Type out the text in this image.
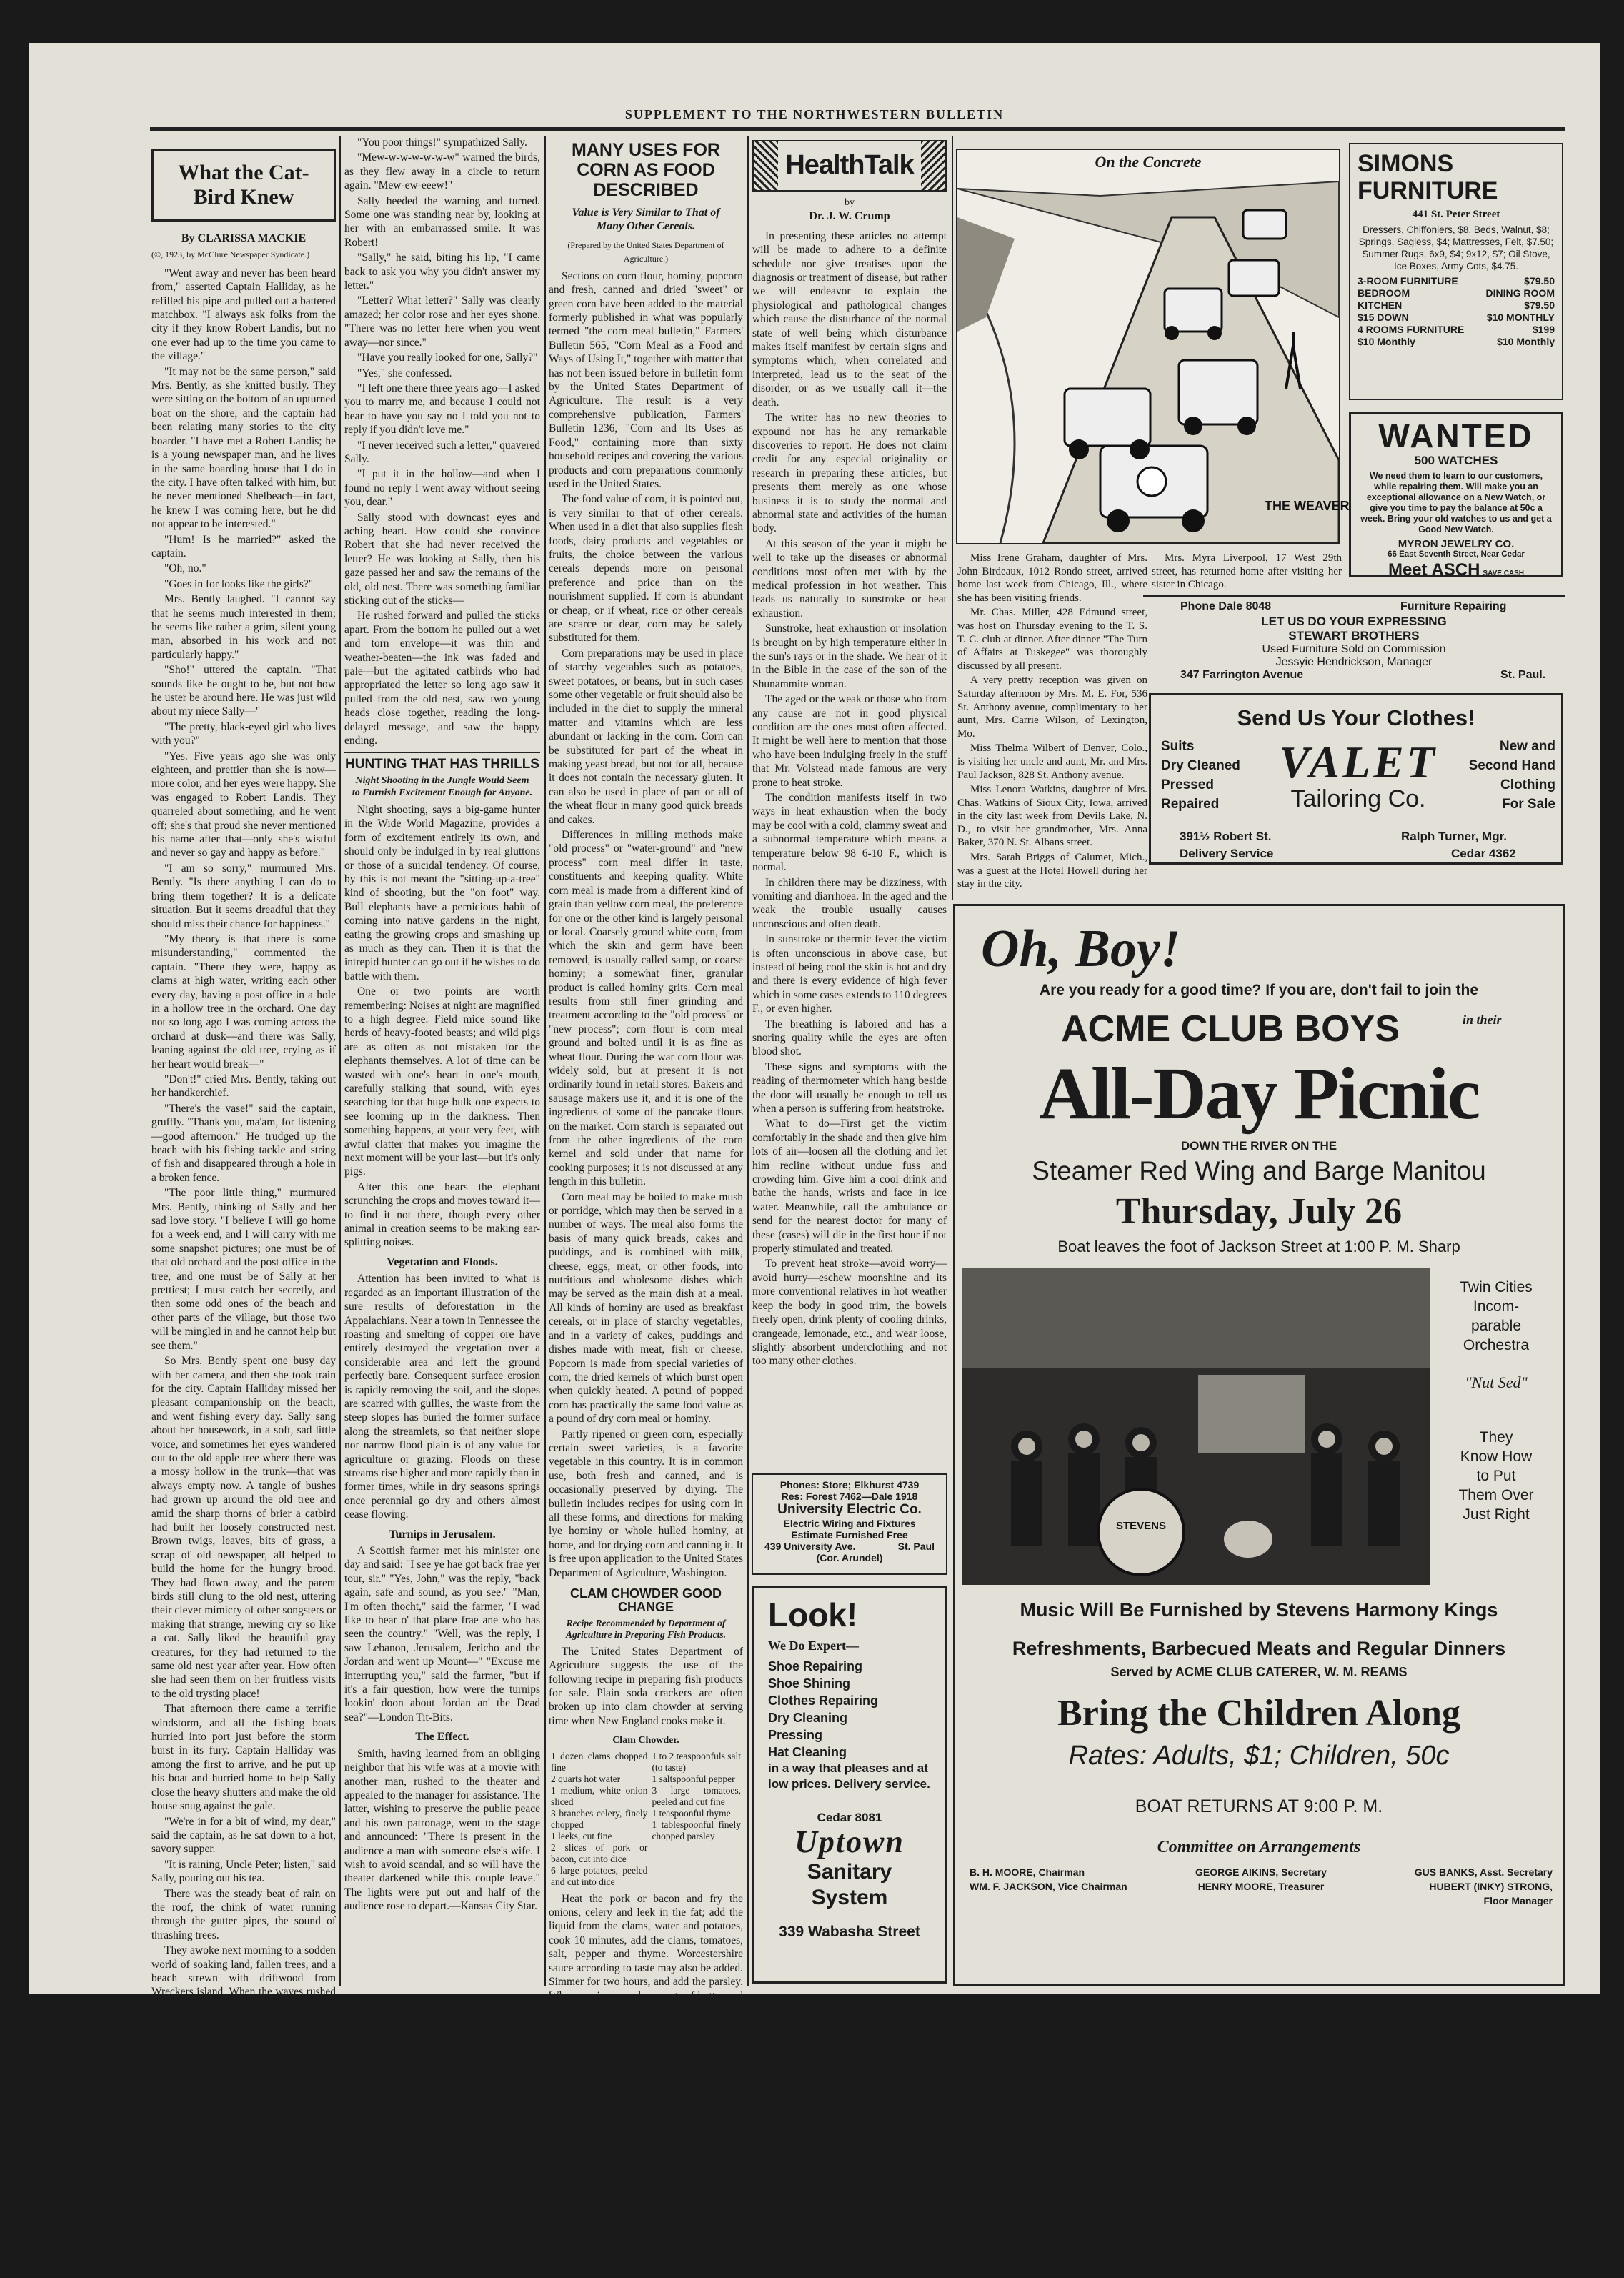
SUPPLEMENT TO THE NORTHWESTERN BULLETIN
What the Cat-Bird Knew
By CLARISSA MACKIE
(©, 1923, by McClure Newspaper Syndicate.)

"Went away and never has been heard from," asserted Captain Halliday, as he refilled his pipe and pulled out a battered matchbox. "I always ask folks from the city if they know Robert Landis, but no one ever had up to the time you came to the village."

"It may not be the same person," said Mrs. Bently, as she knitted busily. They were sitting on the bottom of an upturned boat on the shore, and the captain had been relating many stories to the city boarder. "I have met a Robert Landis; he is a young newspaper man, and he lives in the same boarding house that I do in the city. I have often talked with him, but he never mentioned Shelbeach—in fact, he knew I was coming here, but he did not appear to be interested."

"Hum! Is he married?" asked the captain.

"Oh, no."

"Goes in for looks like the girls?"

Mrs. Bently laughed. "I cannot say that he seems much interested in them; he seems like rather a grim, silent young man, absorbed in his work and not particularly happy."

"Sho!" uttered the captain. "That sounds like he ought to be, but not how he uster be around here. He was just wild about my niece Sally—"

"The pretty, black-eyed girl who lives with you?"

"Yes. Five years ago she was only eighteen, and prettier than she is now—more color, and her eyes were happy. She was engaged to Robert Landis. They quarreled about something, and he went off; she's that proud she never mentioned his name after that—only she's wistful and never so gay and happy as before."

"I am so sorry," murmured Mrs. Bently. "Is there anything I can do to bring them together? It is a delicate situation. But it seems dreadful that they should miss their chance for happiness."

"My theory is that there is some misunderstanding," commented the captain. "There they were, happy as clams at high water, writing each other every day, having a post office in a hole in a hollow tree in the orchard. One day not so long ago I was coming across the orchard at dusk—and there was Sally, leaning against the old tree, crying as if her heart would break—"

"Don't!" cried Mrs. Bently, taking out her handkerchief.

"There's the vase!" said the captain, gruffly. "Thank you, ma'am, for listening—good afternoon." He trudged up the beach with his fishing tackle and string of fish and disappeared through a hole in a broken fence.

"The poor little thing," murmured Mrs. Bently, thinking of Sally and her sad love story. "I believe I will go home for a week-end, and I will carry with me some snapshot pictures; one must be of that old orchard and the post office in the tree, and one must be of Sally at her prettiest; I must catch her secretly, and then some odd ones of the beach and other parts of the village, but those two will be mingled in and he cannot help but see them."

So Mrs. Bently spent one busy day with her camera, and then she took train for the city. Captain Halliday missed her pleasant companionship on the beach, and went fishing every day. Sally sang about her housework, in a soft, sad little voice, and sometimes her eyes wandered out to the old apple tree where there was a mossy hollow in the trunk—that was always empty now. A tangle of bushes had grown up around the old tree and amid the sharp thorns of brier a catbird had built her loosely constructed nest. Brown twigs, leaves, bits of grass, a scrap of old newspaper, all helped to build the home for the hungry brood. They had flown away, and the parent birds still clung to the old nest, uttering their clever mimicry of other songsters or making that strange, mewing cry so like a cat. Sally liked the beautiful gray creatures, for they had returned to the same old nest year after year. How often she had seen them on her fruitless visits to the old trysting place!

That afternoon there came a terrific windstorm, and all the fishing boats hurried into port just before the storm burst in its fury. Captain Halliday was among the first to arrive, and he put up his boat and hurried home to help Sally close the heavy shutters and make the old house snug against the gale.

"We're in for a bit of wind, my dear," said the captain, as he sat down to a hot, savory supper.

"It is raining, Uncle Peter; listen," said Sally, pouring out his tea.

There was the steady beat of rain on the roof, the chink of water running through the gutter pipes, the sound of thrashing trees.

They awoke next morning to a sodden world of soaking land, fallen trees, and a beach strewn with driftwood from Wreckers island. When the waves rushed over Wreckers island one knew it was the worst storm of the season, for then the waves brought in a great quantity of broken ships' timber, of which there was always a plenty on the island.

Captain Halliday went down to the beach to gather some of the driftwood for the winter fires, and Sally wandered through her ruined flower garden and then out to the orchard. There were cries of distress from the catbirds, who were perched in the old apple tree. Sally found their frail nest blown to the ground, and just brought up the thorn bushes was the bottom of the nest—of many nests—for each year the birds had reinforced the old home with new twigs, bits of string and paper. Now the ragged remains of the nest clung defiantly to the stems of the bush.

"You poor things!" sympathized Sally.

"Mew-w-w-w-w-w-w" warned the birds, as they flew away in a circle to return again. "Mew-ew-eeew!"

Sally heeded the warning and turned. Some one was standing near by, looking at her with an embarrassed smile. It was Robert!

"Sally," he said, biting his lip, "I came back to ask you why you didn't answer my letter."

"Letter? What letter?" Sally was clearly amazed; her color rose and her eyes shone. "There was no letter here when you went away—nor since."

"Have you really looked for one, Sally?"

"Yes," she confessed.

"I left one there three years ago—I asked you to marry me, and because I could not bear to have you say no I told you not to reply if you didn't love me."

"I never received such a letter," quavered Sally.

"I put it in the hollow—and when I found no reply I went away without seeing you, dear."

Sally stood with downcast eyes and aching heart. How could she convince Robert that she had never received the letter? He was looking at Sally, then his gaze passed her and saw the remains of the old, old nest. There was something familiar sticking out of the sticks—

He rushed forward and pulled the sticks apart. From the bottom he pulled out a wet and torn envelope—it was thin and weather-beaten—the ink was faded and pale—but the agitated catbirds who had appropriated the letter so long ago saw it pulled from the old nest, saw two young heads close together, reading the long-delayed message, and saw the happy ending.

HUNTING THAT HAS THRILLS
Night Shooting in the Jungle Would Seem to Furnish Excitement Enough for Anyone.

Night shooting, says a big-game hunter in the Wide World Magazine, provides a form of excitement entirely its own, and should only be indulged in by real gluttons or those of a suicidal tendency. Of course, by this is not meant the "sitting-up-a-tree" kind of shooting, but the "on foot" way. Bull elephants have a pernicious habit of coming into native gardens in the night, eating the growing crops and smashing up as much as they can. Then it is that the intrepid hunter can go out if he wishes to do battle with them.

One or two points are worth remembering: Noises at night are magnified to a high degree. Field mice sound like herds of heavy-footed beasts; and wild pigs are as often as not mistaken for the elephants themselves. A lot of time can be wasted with one's heart in one's mouth, carefully stalking that sound, with eyes searching for that huge bulk one expects to see looming up in the darkness. Then something happens, at your very feet, with awful clatter that makes you imagine the next moment will be your last—but it's only pigs.

After this one hears the elephant scrunching the crops and moves toward it—to find it not there, though every other animal in creation seems to be making ear-splitting noises.

Vegetation and Floods.

Attention has been invited to what is regarded as an important illustration of the sure results of deforestation in the Appalachians. Near a town in Tennessee the roasting and smelting of copper ore have entirely destroyed the vegetation over a considerable area and left the ground perfectly bare. Consequent surface erosion is rapidly removing the soil, and the slopes are scarred with gullies, the waste from the steep slopes has buried the former surface along the streamlets, so that neither slope nor narrow flood plain is of any value for agriculture or grazing. Floods on these streams rise higher and more rapidly than in former times, while in dry seasons springs once perennial go dry and others almost cease flowing.

Turnips in Jerusalem.

A Scottish farmer met his minister one day and said: "I see ye hae got back frae yer tour, sir." "Yes, John," was the reply, "back again, safe and sound, as you see." "Man, I'm often thocht," said the farmer, "I wad like to hear o' that place frae ane who has seen the country." "Well, was the reply, I saw Lebanon, Jerusalem, Jericho and the Jordan and went up Mount—" "Excuse me interrupting you," said the farmer, "but if it's a fair question, how were the turnips lookin' doon about Jordan an' the Dead sea?"—London Tit-Bits.

The Effect.

Smith, having learned from an obliging neighbor that his wife was at a movie with another man, rushed to the theater and appealed to the manager for assistance. The latter, wishing to preserve the public peace and his own patronage, went to the stage and announced: "There is present in the audience a man with someone else's wife. I wish to avoid scandal, and so will have the theater darkened while this couple leave." The lights were put out and half of the audience rose to depart.—Kansas City Star.

MANY USES FOR CORN AS FOOD DESCRIBED
Value is Very Similar to That of Many Other Cereals.
(Prepared by the United States Department of Agriculture.)

Sections on corn flour, hominy, popcorn and fresh, canned and dried "sweet" or green corn have been added to the material formerly published in what was popularly termed "the corn meal bulletin," Farmers' Bulletin 565, "Corn Meal as a Food and Ways of Using It," together with matter that has not been issued before in bulletin form by the United States Department of Agriculture. The result is a very comprehensive publication, Farmers' Bulletin 1236, "Corn and Its Uses as Food," containing more than sixty household recipes and covering the various products and corn preparations commonly used in the United States.

The food value of corn, it is pointed out, is very similar to that of other cereals. When used in a diet that also supplies flesh foods, dairy products and vegetables or fruits, the choice between the various cereals depends more on personal preference and price than on the nourishment supplied. If corn is abundant or cheap, or if wheat, rice or other cereals are scarce or dear, corn may be safely substituted for them.

Corn preparations may be used in place of starchy vegetables such as potatoes, sweet potatoes, or beans, but in such cases some other vegetable or fruit should also be included in the diet to supply the mineral matter and vitamins which are less abundant or lacking in the corn. Corn can be substituted for part of the wheat in making yeast bread, but not for all, because it does not contain the necessary gluten. It can also be used in place of part or all of the wheat flour in many good quick breads and cakes.

Differences in milling methods make "old process" or "water-ground" and "new process" corn meal differ in taste, constituents and keeping quality. White corn meal is made from a different kind of grain than yellow corn meal, the preference for one or the other kind is largely personal or local. Coarsely ground white corn, from which the skin and germ have been removed, is usually called samp, or coarse hominy; a somewhat finer, granular product is called hominy grits. Corn meal results from still finer grinding and treatment according to the "old process" or "new process"; corn flour is corn meal ground and bolted until it is as fine as wheat flour. During the war corn flour was widely sold, but at present it is not ordinarily found in retail stores. Bakers and sausage makers use it, and it is one of the ingredients of some of the pancake flours on the market. Corn starch is separated out from the other ingredients of the corn kernel and sold under that name for cooking purposes; it is not discussed at any length in this bulletin.

Corn meal may be boiled to make mush or porridge, which may then be served in a number of ways. The meal also forms the basis of many quick breads, cakes and puddings, and is combined with milk, cheese, eggs, meat, or other foods, into nutritious and wholesome dishes which may be served as the main dish at a meal. All kinds of hominy are used as breakfast cereals, or in place of starchy vegetables, and in a variety of cakes, puddings and dishes made with meat, fish or cheese. Popcorn is made from special varieties of corn, the dried kernels of which burst open when quickly heated. A pound of popped corn has practically the same food value as a pound of dry corn meal or hominy.

Partly ripened or green corn, especially certain sweet varieties, is a favorite vegetable in this country. It is in common use, both fresh and canned, and is occasionally preserved by drying. The bulletin includes recipes for using corn in all these forms, and directions for making lye hominy or whole hulled hominy, at home, and for drying corn and canning it. It is free upon application to the United States Department of Agriculture, Washington.

CLAM CHOWDER GOOD CHANGE
Recipe Recommended by Department of Agriculture in Preparing Fish Products.

The United States Department of Agriculture suggests the use of the following recipe in preparing fish products for sale. Plain soda crackers are often broken up into clam chowder at serving time when New England cooks make it.

Clam Chowder.
1 dozen clams chopped fine
2 quarts hot water
1 medium, white onion sliced
3 branches celery, finely chopped
1 leeks, cut fine
2 slices of pork or bacon, cut into dice
6 large potatoes, peeled and cut into dice

1 to 2 teaspoonfuls salt (to taste)
1 saltspoonful pepper
3 large tomatoes, peeled and cut fine
1 teaspoonful thyme
1 tablespoonful finely chopped parsley

Heat the pork or bacon and fry the onions, celery and leek in the fat; add the liquid from the clams, water and potatoes, cook 10 minutes, add the clams, tomatoes, salt, pepper and thyme. Worcestershire sauce according to taste may also be added. Simmer for two hours, and add the parsley. When serving, equal amounts of butter and flour may be creamed together and added as thickening to the heated chowder.

HealthTalk
by
Dr. J. W. Crump

In presenting these articles no attempt will be made to adhere to a definite schedule nor give treatises upon the diagnosis or treatment of disease, but rather we will endeavor to explain the physiological and pathological changes which cause the disturbance of the normal state of well being which disturbance makes itself manifest by certain signs and symptoms which, when correlated and interpreted, lead us to the seat of the disorder, or as we usually call it—the death.

The writer has no new theories to expound nor has he any remarkable discoveries to report. He does not claim credit for any especial originality or research in preparing these articles, but presents them merely as one whose business it is to study the normal and abnormal state and activities of the human body.

At this season of the year it might be well to take up the diseases or abnormal conditions most often met with by the medical profession in hot weather. This leads us naturally to sunstroke or heat exhaustion.

Sunstroke, heat exhaustion or insolation is brought on by high temperature either in the sun's rays or in the shade. We hear of it in the Bible in the case of the son of the Shunammite woman.

The aged or the weak or those who from any cause are not in good physical condition are the ones most often affected. It might be well here to mention that those who have been indulging freely in the stuff that Mr. Volstead made famous are very prone to heat stroke.

The condition manifests itself in two ways in heat exhaustion when the body may be cool with a cold, clammy sweat and a subnormal temperature which means a temperature below 98 6-10 F., which is normal.

In children there may be dizziness, with vomiting and diarrhoea. In the aged and the weak the trouble usually causes unconscious and often death.

In sunstroke or thermic fever the victim is often unconscious in above case, but instead of being cool the skin is hot and dry and there is every evidence of high fever which in some cases extends to 110 degrees F., or even higher.

The breathing is labored and has a snoring quality while the eyes are often blood shot.

These signs and symptoms with the reading of thermometer which hang beside the door will usually be enough to tell us when a person is suffering from heatstroke.

What to do—First get the victim comfortably in the shade and then give him lots of air—loosen all the clothing and let him recline without undue fuss and crowding him. Give him a cool drink and bathe the hands, wrists and face in ice water. Meanwhile, call the ambulance or send for the nearest doctor for many of these (cases) will die in the first hour if not properly stimulated and treated.

To prevent heat stroke—avoid worry—avoid hurry—eschew moonshine and its more conventional relatives in hot weather keep the body in good trim, the bowels freely open, drink plenty of cooling drinks, orangeade, lemonade, etc., and wear loose, slightly absorbent underclothing and not too many other clothes.

On the Concrete
THE WEAVER

Miss Irene Graham, daughter of Mrs. John Birdeaux, 1012 Rondo street, arrived home last week from Chicago, Ill., where she has been visiting friends.

Mr. Chas. Miller, 428 Edmund street, was host on Thursday evening to the T. S. T. C. club at dinner. After dinner "The Turn of Affairs at Tuskegee" was thoroughly discussed by all present.

A very pretty reception was given on Saturday afternoon by Mrs. M. E. For, 536 St. Anthony avenue, complimentary to her aunt, Mrs. Carrie Wilson, of Lexington, Mo.

Miss Thelma Wilbert of Denver, Colo., is visiting her uncle and aunt, Mr. and Mrs. Paul Jackson, 828 St. Anthony avenue.

Miss Lenora Watkins, daughter of Mrs. Chas. Watkins of Sioux City, Iowa, arrived in the city last week from Devils Lake, N. D., to visit her grandmother, Mrs. Anna Baker, 370 N. St. Albans street.

Mrs. Sarah Briggs of Calumet, Mich., was a guest at the Hotel Howell during her stay in the city.

Mrs. Myra Liverpool, 17 West 29th street, has returned home after visiting her sister in Chicago.

SIMONS
FURNITURE
441 St. Peter Street
Dressers, Chiffoniers, $8, Beds, Walnut, $8; Springs, Sagless, $4; Mattresses, Felt, $7.50; Summer Rugs, 6x9, $4; 9x12, $7; Oil Stove, Ice Boxes, Army Cots, $4.75.
3-ROOM FURNITURE	$79.50
BEDROOM	DINING ROOM
KITCHEN	$79.50
$15 DOWN	$10 MONTHLY
4 ROOMS FURNITURE	$199
$10 Monthly	$10 Monthly
WANTED
500 WATCHES
We need them to learn to our customers, while repairing them. Will make you an exceptional allowance on a New Watch, or give you time to pay the balance at 50c a week. Bring your old watches to us and get a Good New Watch.
MYRON JEWELRY CO.
66 East Seventh Street, Near Cedar
Meet ASCH SAVE CASH
Phone Dale 8048	Furniture Repairing
LET US DO YOUR EXPRESSING
STEWART BROTHERS
Used Furniture Sold on Commission
Jessyie Hendrickson, Manager
347 Farrington Avenue	St. Paul.
Send Us Your Clothes!
Suits
Dry Cleaned
Pressed
Repaired
VALET
Tailoring Co.
New and
Second Hand
Clothing
For Sale
391½ Robert St.	Ralph Turner, Mgr.
Delivery Service	Cedar 4362
Oh, Boy!
Are you ready for a good time? If you are, don't fail to join the
ACME CLUB BOYS	in their
All-Day Picnic
DOWN THE RIVER ON THE
Steamer Red Wing and Barge Manitou
Thursday, July 26
Boat leaves the foot of Jackson Street at 1:00 P. M. Sharp
STEVENS
Twin Cities
Incom-
parable
Orchestra
"Nut Sed"
They
Know How
to Put
Them Over
Just Right
Music Will Be Furnished by Stevens Harmony Kings
Refreshments, Barbecued Meats and Regular Dinners
Served by ACME CLUB CATERER, W. M. REAMS
Bring the Children Along
Rates: Adults, $1; Children, 50c
BOAT RETURNS AT 9:00 P. M.
Committee on Arrangements
B. H. MOORE, Chairman	GEORGE AIKINS, Secretary	GUS BANKS, Asst. Secretary
WM. F. JACKSON, Vice Chairman	HENRY MOORE, Treasurer	HUBERT (INKY) STRONG,
Floor Manager
Phones: Store; Elkhurst 4739
Res: Forest 7462—Dale 1918
University Electric Co.
Electric Wiring and Fixtures
Estimate Furnished Free
439 University Ave.	St. Paul
(Cor. Arundel)
Look!
We Do Expert—
Shoe Repairing
Shoe Shining
Clothes Repairing
Dry Cleaning
Pressing
Hat Cleaning
in a way that pleases and at low prices. Delivery service.
Cedar 8081
Uptown
Sanitary System
339 Wabasha Street
